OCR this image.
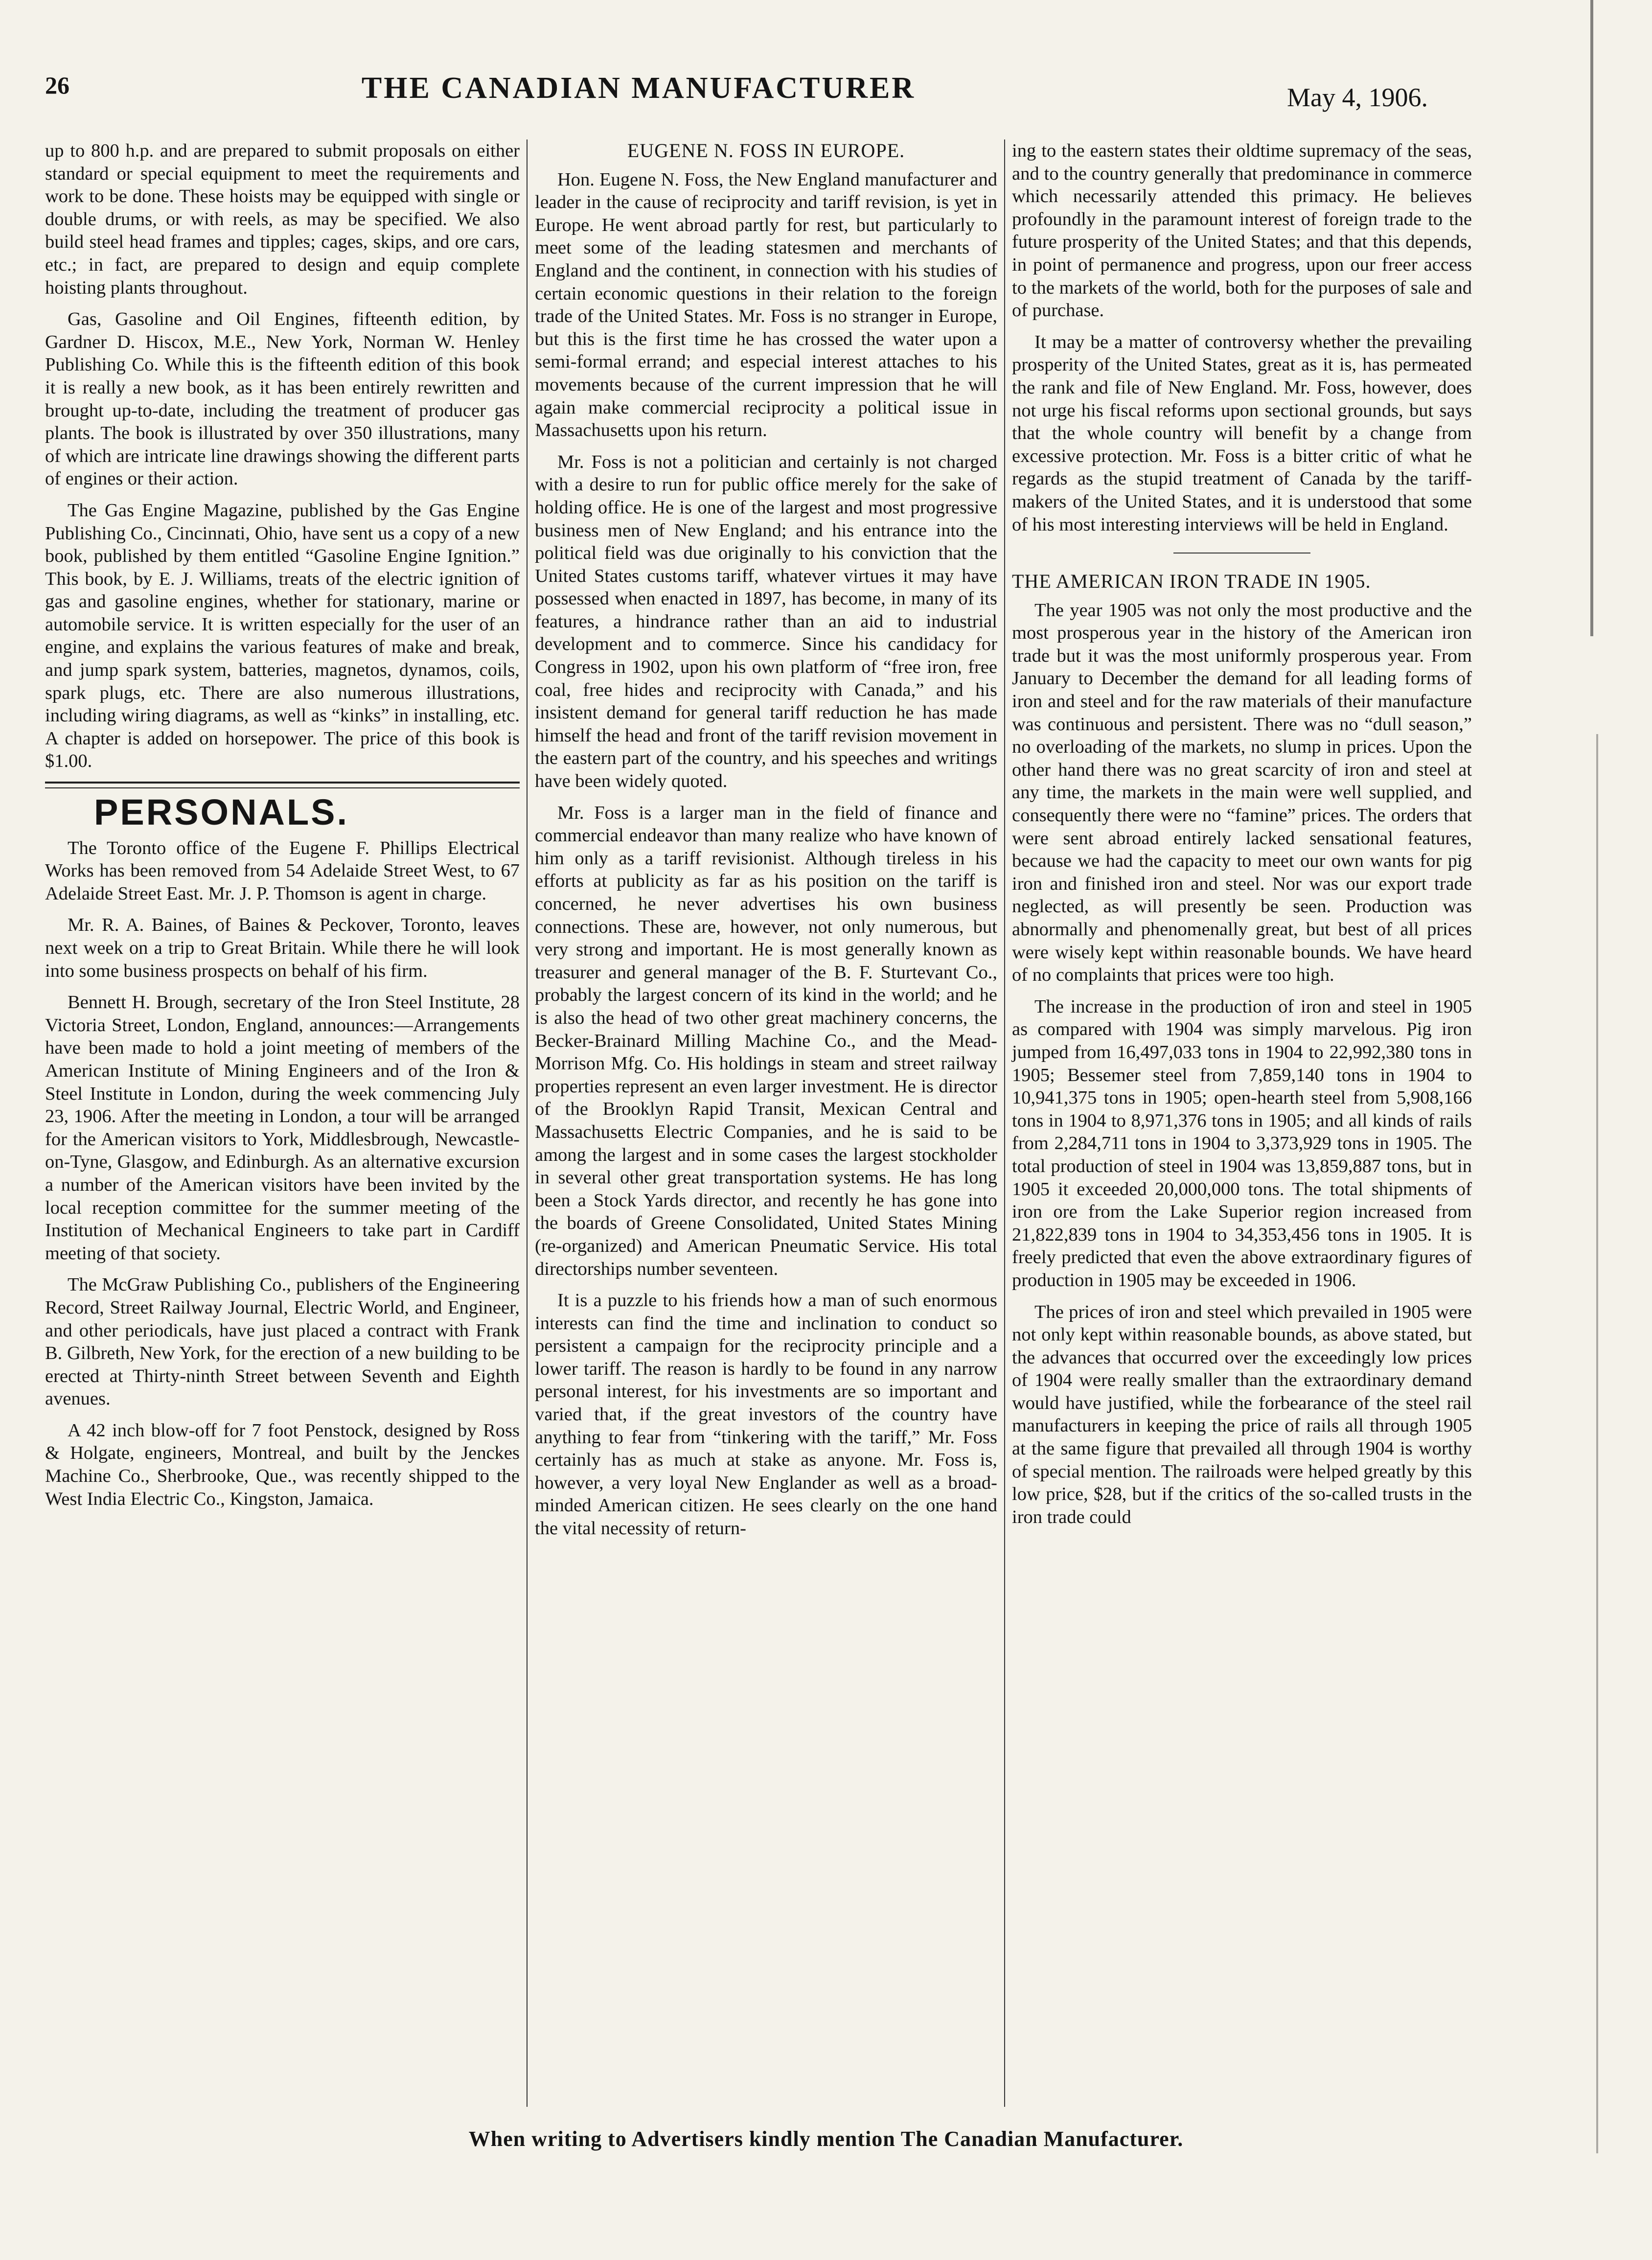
26	THE CANADIAN MANUFACTURER	May 4, 1906.

up to 800 h.p. and are prepared to submit proposals on either standard or special equipment to meet the requirements and work to be done. These hoists may be equipped with single or double drums, or with reels, as may be specified. We also build steel head frames and tipples; cages, skips, and ore cars, etc.; in fact, are prepared to design and equip complete hoisting plants throughout.

Gas, Gasoline and Oil Engines, fifteenth edition, by Gardner D. Hiscox, M.E., New York, Norman W. Henley Publishing Co. While this is the fifteenth edition of this book it is really a new book, as it has been entirely rewritten and brought up-to-date, including the treatment of producer gas plants. The book is illustrated by over 350 illustrations, many of which are intricate line drawings showing the different parts of engines or their action.

The Gas Engine Magazine, published by the Gas Engine Publishing Co., Cincinnati, Ohio, have sent us a copy of a new book, published by them entitled “Gasoline Engine Ignition.” This book, by E. J. Williams, treats of the electric ignition of gas and gasoline engines, whether for stationary, marine or automobile service. It is written especially for the user of an engine, and explains the various features of make and break, and jump spark system, batteries, magnetos, dynamos, coils, spark plugs, etc. There are also numerous illustrations, including wiring diagrams, as well as “kinks” in installing, etc. A chapter is added on horsepower. The price of this book is $1.00.

PERSONALS.

The Toronto office of the Eugene F. Phillips Electrical Works has been removed from 54 Adelaide Street West, to 67 Adelaide Street East. Mr. J. P. Thomson is agent in charge.

Mr. R. A. Baines, of Baines & Peckover, Toronto, leaves next week on a trip to Great Britain. While there he will look into some business prospects on behalf of his firm.

Bennett H. Brough, secretary of the Iron Steel Institute, 28 Victoria Street, London, England, announces:—Arrangements have been made to hold a joint meeting of members of the American Institute of Mining Engineers and of the Iron & Steel Institute in London, during the week commencing July 23, 1906. After the meeting in London, a tour will be arranged for the American visitors to York, Middlesbrough, Newcastle-on-Tyne, Glasgow, and Edinburgh. As an alternative excursion a number of the American visitors have been invited by the local reception committee for the summer meeting of the Institution of Mechanical Engineers to take part in Cardiff meeting of that society.

The McGraw Publishing Co., publishers of the Engineering Record, Street Railway Journal, Electric World, and Engineer, and other periodicals, have just placed a contract with Frank B. Gilbreth, New York, for the erection of a new building to be erected at Thirty-ninth Street between Seventh and Eighth avenues.

A 42 inch blow-off for 7 foot Penstock, designed by Ross & Holgate, engineers, Montreal, and built by the Jenckes Machine Co., Sherbrooke, Que., was recently shipped to the West India Electric Co., Kingston, Jamaica.

EUGENE N. FOSS IN EUROPE.

Hon. Eugene N. Foss, the New England manufacturer and leader in the cause of reciprocity and tariff revision, is yet in Europe. He went abroad partly for rest, but particularly to meet some of the leading statesmen and merchants of England and the continent, in connection with his studies of certain economic questions in their relation to the foreign trade of the United States. Mr. Foss is no stranger in Europe, but this is the first time he has crossed the water upon a semi-formal errand; and especial interest attaches to his movements because of the current impression that he will again make commercial reciprocity a political issue in Massachusetts upon his return.

Mr. Foss is not a politician and certainly is not charged with a desire to run for public office merely for the sake of holding office. He is one of the largest and most progressive business men of New England; and his entrance into the political field was due originally to his conviction that the United States customs tariff, whatever virtues it may have possessed when enacted in 1897, has become, in many of its features, a hindrance rather than an aid to industrial development and to commerce. Since his candidacy for Congress in 1902, upon his own platform of “free iron, free coal, free hides and reciprocity with Canada,” and his insistent demand for general tariff reduction he has made himself the head and front of the tariff revision movement in the eastern part of the country, and his speeches and writings have been widely quoted.

Mr. Foss is a larger man in the field of finance and commercial endeavor than many realize who have known of him only as a tariff revisionist. Although tireless in his efforts at publicity as far as his position on the tariff is concerned, he never advertises his own business connections. These are, however, not only numerous, but very strong and important. He is most generally known as treasurer and general manager of the B. F. Sturtevant Co., probably the largest concern of its kind in the world; and he is also the head of two other great machinery concerns, the Becker-Brainard Milling Machine Co., and the Mead-Morrison Mfg. Co. His holdings in steam and street railway properties represent an even larger investment. He is director of the Brooklyn Rapid Transit, Mexican Central and Massachusetts Electric Companies, and he is said to be among the largest and in some cases the largest stockholder in several other great transportation systems. He has long been a Stock Yards director, and recently he has gone into the boards of Greene Consolidated, United States Mining (re-organized) and American Pneumatic Service. His total directorships number seventeen.

It is a puzzle to his friends how a man of such enormous interests can find the time and inclination to conduct so persistent a campaign for the reciprocity principle and a lower tariff. The reason is hardly to be found in any narrow personal interest, for his investments are so important and varied that, if the great investors of the country have anything to fear from “tinkering with the tariff,” Mr. Foss certainly has as much at stake as anyone. Mr. Foss is, however, a very loyal New Englander as well as a broad-minded American citizen. He sees clearly on the one hand the vital necessity of return-

ing to the eastern states their oldtime supremacy of the seas, and to the country generally that predominance in commerce which necessarily attended this primacy. He believes profoundly in the paramount interest of foreign trade to the future prosperity of the United States; and that this depends, in point of permanence and progress, upon our freer access to the markets of the world, both for the purposes of sale and of purchase.

It may be a matter of controversy whether the prevailing prosperity of the United States, great as it is, has permeated the rank and file of New England. Mr. Foss, however, does not urge his fiscal reforms upon sectional grounds, but says that the whole country will benefit by a change from excessive protection. Mr. Foss is a bitter critic of what he regards as the stupid treatment of Canada by the tariff-makers of the United States, and it is understood that some of his most interesting interviews will be held in England.

THE AMERICAN IRON TRADE IN 1905.

The year 1905 was not only the most productive and the most prosperous year in the history of the American iron trade but it was the most uniformly prosperous year. From January to December the demand for all leading forms of iron and steel and for the raw materials of their manufacture was continuous and persistent. There was no “dull season,” no overloading of the markets, no slump in prices. Upon the other hand there was no great scarcity of iron and steel at any time, the markets in the main were well supplied, and consequently there were no “famine” prices. The orders that were sent abroad entirely lacked sensational features, because we had the capacity to meet our own wants for pig iron and finished iron and steel. Nor was our export trade neglected, as will presently be seen. Production was abnormally and phenomenally great, but best of all prices were wisely kept within reasonable bounds. We have heard of no complaints that prices were too high.

The increase in the production of iron and steel in 1905 as compared with 1904 was simply marvelous. Pig iron jumped from 16,497,033 tons in 1904 to 22,992,380 tons in 1905; Bessemer steel from 7,859,140 tons in 1904 to 10,941,375 tons in 1905; open-hearth steel from 5,908,166 tons in 1904 to 8,971,376 tons in 1905; and all kinds of rails from 2,284,711 tons in 1904 to 3,373,929 tons in 1905. The total production of steel in 1904 was 13,859,887 tons, but in 1905 it exceeded 20,000,000 tons. The total shipments of iron ore from the Lake Superior region increased from 21,822,839 tons in 1904 to 34,353,456 tons in 1905. It is freely predicted that even the above extraordinary figures of production in 1905 may be exceeded in 1906.

The prices of iron and steel which prevailed in 1905 were not only kept within reasonable bounds, as above stated, but the advances that occurred over the exceedingly low prices of 1904 were really smaller than the extraordinary demand would have justified, while the forbearance of the steel rail manufacturers in keeping the price of rails all through 1905 at the same figure that prevailed all through 1904 is worthy of special mention. The railroads were helped greatly by this low price, $28, but if the critics of the so-called trusts in the iron trade could

When writing to Advertisers kindly mention The Canadian Manufacturer.
